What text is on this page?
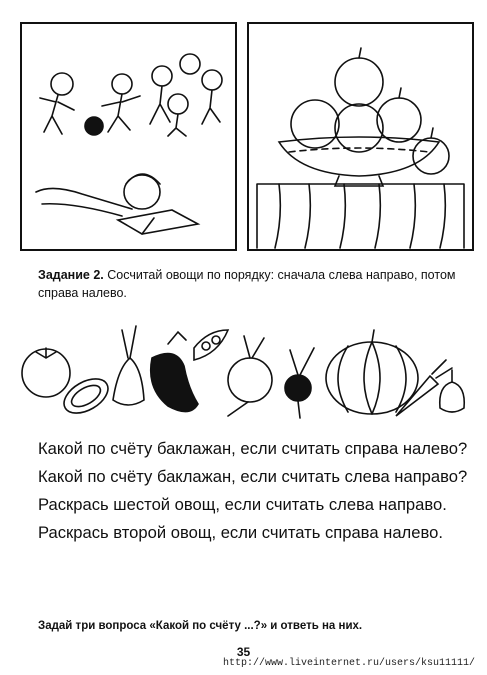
Задание 2. Сосчитай овощи по порядку: сначала слева направо, потом справа налево.

Какой по счёту баклажан, если считать справа налево?

Какой по счёту баклажан, если считать слева направо?

Раскрась шестой овощ, если считать слева направо.

Раскрась второй овощ, если считать справа налево.

Задай три вопроса «Какой по счёту ...?» и ответь на них.
35
http://www.liveinternet.ru/users/ksu11111/
